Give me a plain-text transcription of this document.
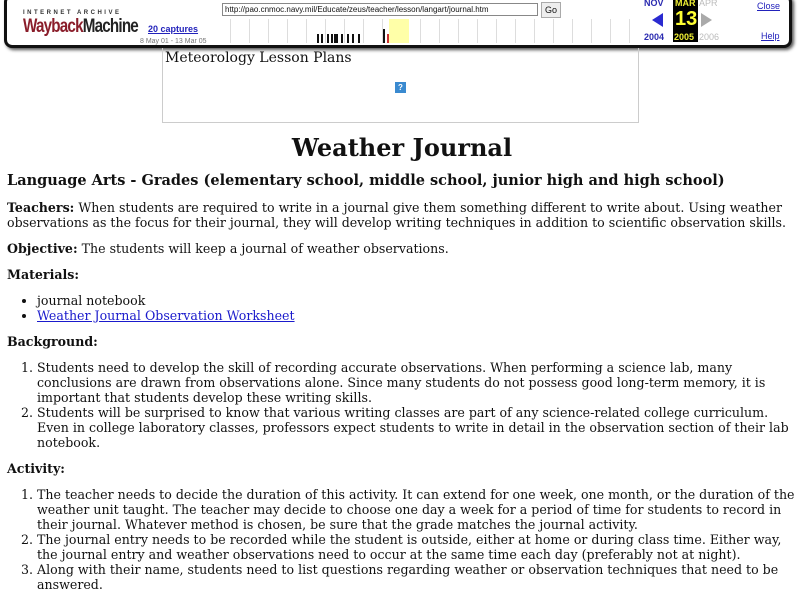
INTERNET ARCHIVE
WaybackMachine 20 captures
8 May 01 - 13 Mar 05
http://pao.cnmoc.navy.mil/Educate/zeus/teacher/lesson/langart/journal.htm	Go
NOV
2004
MAR
13
2005
APR
2006
Close
Help
Meteorology Lesson Plans
?
Weather Journal
Language Arts - Grades (elementary school, middle school, junior high and high school)

Teachers: When students are required to write in a journal give them something different to write about. Using weather observations as the focus for their journal, they will develop writing techniques in addition to scientific observation skills.

Objective: The students will keep a journal of weather observations.

Materials:

• journal notebook
• Weather Journal Observation Worksheet

Background:

1. Students need to develop the skill of recording accurate observations. When performing a science lab, many conclusions are drawn from observations alone. Since many students do not possess good long-term memory, it is important that students develop these writing skills.
2. Students will be surprised to know that various writing classes are part of any science-related college curriculum. Even in college laboratory classes, professors expect students to write in detail in the observation section of their lab notebook.

Activity:

1. The teacher needs to decide the duration of this activity. It can extend for one week, one month, or the duration of the weather unit taught. The teacher may decide to choose one day a week for a period of time for students to record in their journal. Whatever method is chosen, be sure that the grade matches the journal activity.
2. The journal entry needs to be recorded while the student is outside, either at home or during class time. Either way, the journal entry and weather observations need to occur at the same time each day (preferably not at night).
3. Along with their name, students need to list questions regarding weather or observation techniques that need to be answered.
